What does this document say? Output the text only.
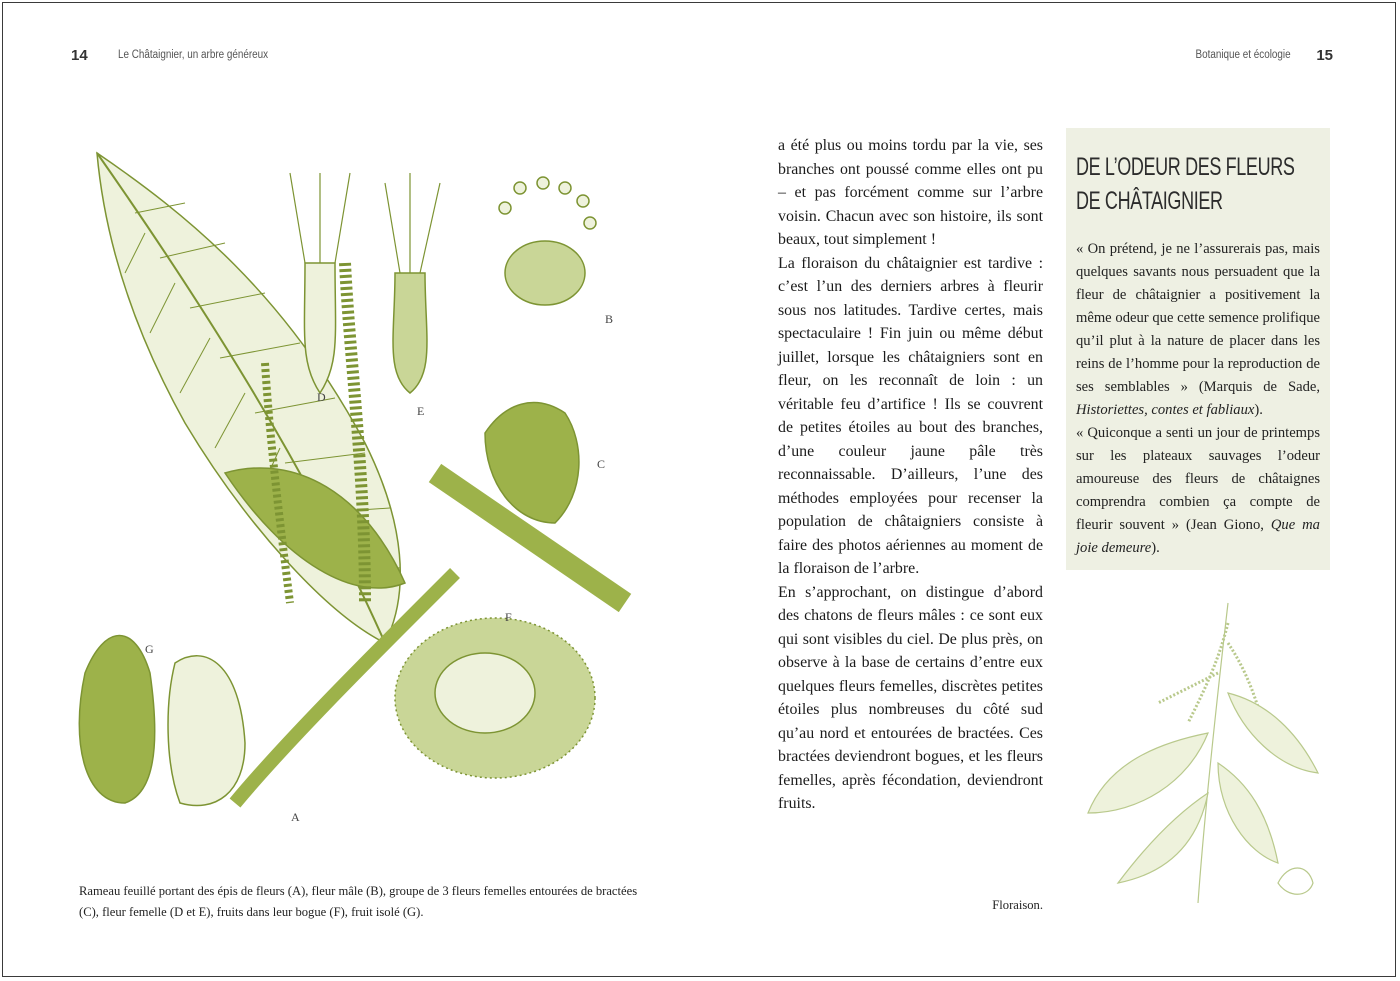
14	Le Châtaignier, un arbre généreux	Botanique et écologie 15
A
B
C
D
E
F
G
Rameau feuillé portant des épis de fleurs (A), fleur mâle (B), groupe de 3 fleurs femelles entourées de bractées (C), fleur femelle (D et E), fruits dans leur bogue (F), fruit isolé (G).

a été plus ou moins tordu par la vie, ses branches ont poussé comme elles ont pu – et pas forcément comme sur l’arbre voisin. Chacun avec son histoire, ils sont beaux, tout simplement !

La floraison du châtaignier est tardive : c’est l’un des derniers arbres à fleurir sous nos latitudes. Tardive certes, mais spectaculaire ! Fin juin ou même début juillet, lorsque les châtaigniers sont en fleur, on les reconnaît de loin : un véritable feu d’artifice ! Ils se couvrent de petites étoiles au bout des branches, d’une couleur jaune pâle très reconnaissable. D’ailleurs, l’une des méthodes employées pour recenser la population de châtaigniers consiste à faire des photos aériennes au moment de la floraison de l’arbre.

En s’approchant, on distingue d’abord des chatons de fleurs mâles : ce sont eux qui sont visibles du ciel. De plus près, on observe à la base de certains d’entre eux quelques fleurs femelles, discrètes petites étoiles plus nombreuses du côté sud qu’au nord et entourées de bractées. Ces bractées deviendront bogues, et les fleurs femelles, après fécondation, deviendront fruits.

DE L’ODEUR DES FLEURS
DE CHÂTAIGNIER

« On prétend, je ne l’assurerais pas, mais quelques savants nous persuadent que la fleur de châtaignier a positivement la même odeur que cette semence prolifique qu’il plut à la nature de placer dans les reins de l’homme pour la reproduction de ses semblables » (Marquis de Sade, Historiettes, contes et fabliaux).

« Quiconque a senti un jour de printemps sur les plateaux sauvages l’odeur amoureuse des fleurs de châtaignes comprendra combien ça compte de fleurir souvent » (Jean Giono, Que ma joie demeure).

Floraison.
